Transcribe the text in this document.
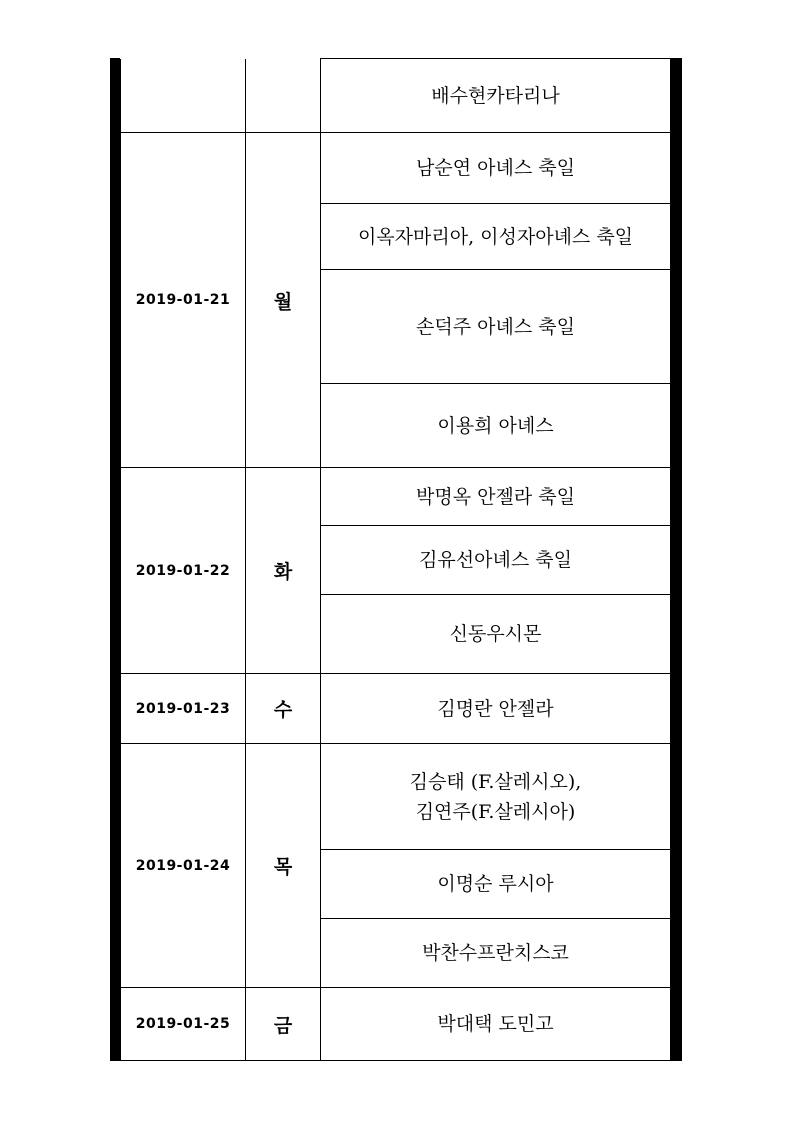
		배수현카타리나
2019-01-21	월	남순연 아녜스 축일
		이옥자마리아, 이성자아녜스 축일
		손덕주 아녜스 축일
		이용희 아녜스
2019-01-22	화	박명옥 안젤라 축일
		김유선아녜스 축일
		신동우시몬
2019-01-23	수	김명란 안젤라
2019-01-24	목	김승태 (F.살레시오),
김연주(F.살레시아)

		이명순 루시아
		박찬수프란치스코
2019-01-25	금	박대택 도민고
